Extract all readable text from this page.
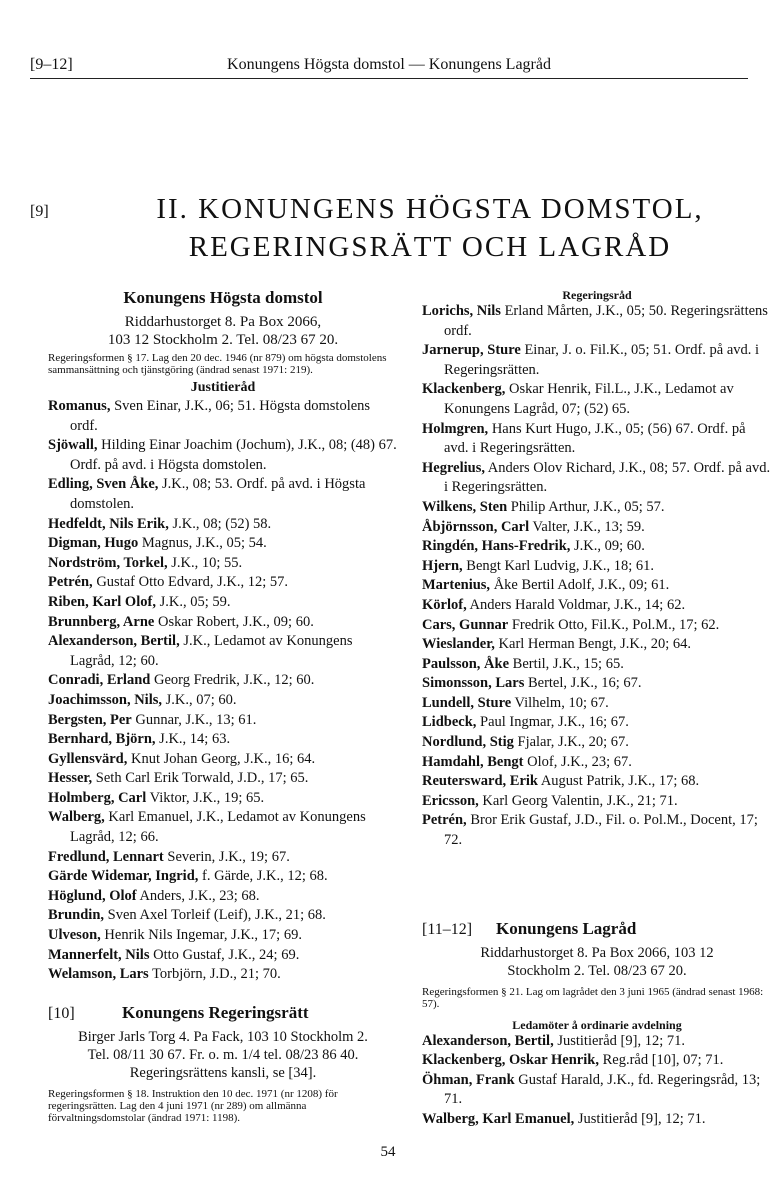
[9–12]	Konungens Högsta domstol — Konungens Lagråd
[9]	II. KONUNGENS HÖGSTA DOMSTOL,
REGERINGSRÄTT OCH LAGRÅD
Konungens Högsta domstol
Riddarhustorget 8. Pa Box 2066,
103 12 Stockholm 2. Tel. 08/23 67 20.
Regeringsformen § 17. Lag den 20 dec. 1946 (nr 879) om högsta domstolens sammansättning och tjänstgöring (ändrad senast 1971: 219).
Justitieråd
Romanus, Sven Einar, J.K., 06; 51. Högsta domstolens ordf.
Sjöwall, Hilding Einar Joachim (Jochum), J.K., 08; (48) 67. Ordf. på avd. i Högsta domstolen.
Edling, Sven Åke, J.K., 08; 53. Ordf. på avd. i Högsta domstolen.
Hedfeldt, Nils Erik, J.K., 08; (52) 58.
Digman, Hugo Magnus, J.K., 05; 54.
Nordström, Torkel, J.K., 10; 55.
Petrén, Gustaf Otto Edvard, J.K., 12; 57.
Riben, Karl Olof, J.K., 05; 59.
Brunnberg, Arne Oskar Robert, J.K., 09; 60.
Alexanderson, Bertil, J.K., Ledamot av Konungens Lagråd, 12; 60.
Conradi, Erland Georg Fredrik, J.K., 12; 60.
Joachimsson, Nils, J.K., 07; 60.
Bergsten, Per Gunnar, J.K., 13; 61.
Bernhard, Björn, J.K., 14; 63.
Gyllensvärd, Knut Johan Georg, J.K., 16; 64.
Hesser, Seth Carl Erik Torwald, J.D., 17; 65.
Holmberg, Carl Viktor, J.K., 19; 65.
Walberg, Karl Emanuel, J.K., Ledamot av Konungens Lagråd, 12; 66.
Fredlund, Lennart Severin, J.K., 19; 67.
Gärde Widemar, Ingrid, f. Gärde, J.K., 12; 68.
Höglund, Olof Anders, J.K., 23; 68.
Brundin, Sven Axel Torleif (Leif), J.K., 21; 68.
Ulveson, Henrik Nils Ingemar, J.K., 17; 69.
Mannerfelt, Nils Otto Gustaf, J.K., 24; 69.
Welamson, Lars Torbjörn, J.D., 21; 70.
[10]	Konungens Regeringsrätt
Birger Jarls Torg 4. Pa Fack, 103 10 Stockholm 2.
Tel. 08/11 30 67. Fr. o. m. 1/4 tel. 08/23 86 40.
Regeringsrättens kansli, se [34].
Regeringsformen § 18. Instruktion den 10 dec. 1971 (nr 1208) för regeringsrätten. Lag den 4 juni 1971 (nr 289) om allmänna förvaltningsdomstolar (ändrad 1971: 1198).
Regeringsråd
Lorichs, Nils Erland Mårten, J.K., 05; 50. Regeringsrättens ordf.
Jarnerup, Sture Einar, J. o. Fil.K., 05; 51. Ordf. på avd. i Regeringsrätten.
Klackenberg, Oskar Henrik, Fil.L., J.K., Ledamot av Konungens Lagråd, 07; (52) 65.
Holmgren, Hans Kurt Hugo, J.K., 05; (56) 67. Ordf. på avd. i Regeringsrätten.
Hegrelius, Anders Olov Richard, J.K., 08; 57. Ordf. på avd. i Regeringsrätten.
Wilkens, Sten Philip Arthur, J.K., 05; 57.
Åbjörnsson, Carl Valter, J.K., 13; 59.
Ringdén, Hans-Fredrik, J.K., 09; 60.
Hjern, Bengt Karl Ludvig, J.K., 18; 61.
Martenius, Åke Bertil Adolf, J.K., 09; 61.
Körlof, Anders Harald Voldmar, J.K., 14; 62.
Cars, Gunnar Fredrik Otto, Fil.K., Pol.M., 17; 62.
Wieslander, Karl Herman Bengt, J.K., 20; 64.
Paulsson, Åke Bertil, J.K., 15; 65.
Simonsson, Lars Bertel, J.K., 16; 67.
Lundell, Sture Vilhelm, 10; 67.
Lidbeck, Paul Ingmar, J.K., 16; 67.
Nordlund, Stig Fjalar, J.K., 20; 67.
Hamdahl, Bengt Olof, J.K., 23; 67.
Reutersward, Erik August Patrik, J.K., 17; 68.
Ericsson, Karl Georg Valentin, J.K., 21; 71.
Petrén, Bror Erik Gustaf, J.D., Fil. o. Pol.M., Docent, 17; 72.
[11–12]	Konungens Lagråd
Riddarhustorget 8. Pa Box 2066, 103 12
Stockholm 2. Tel. 08/23 67 20.
Regeringsformen § 21. Lag om lagrådet den 3 juni 1965 (ändrad senast 1968: 57).
Ledamöter å ordinarie avdelning
Alexanderson, Bertil, Justitieråd [9], 12; 71.
Klackenberg, Oskar Henrik, Reg.råd [10], 07; 71.
Öhman, Frank Gustaf Harald, J.K., fd. Regeringsråd, 13; 71.
Walberg, Karl Emanuel, Justitieråd [9], 12; 71.
54
